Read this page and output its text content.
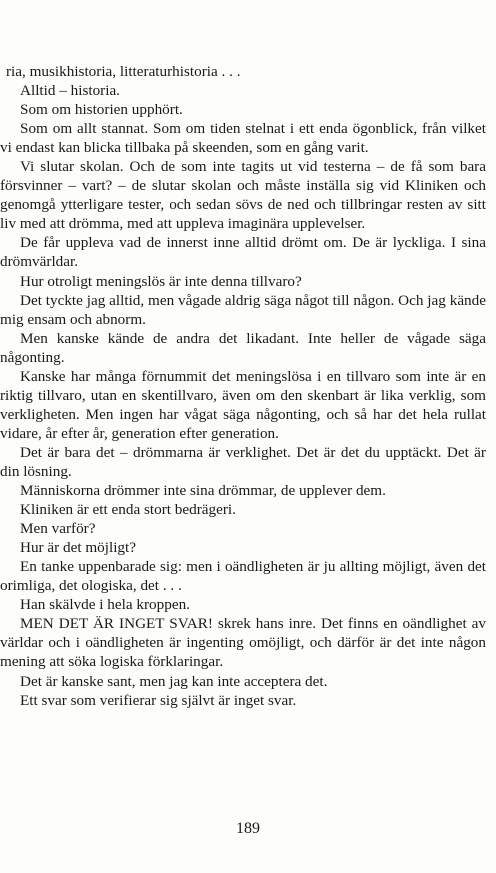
ria, musikhistoria, litteraturhistoria . . .

Alltid – historia.

Som om historien upphört.

Som om allt stannat. Som om tiden stelnat i ett enda ögonblick, från vilket vi endast kan blicka tillbaka på skeenden, som en gång varit.

Vi slutar skolan. Och de som inte tagits ut vid testerna – de få som bara försvinner – vart? – de slutar skolan och måste inställa sig vid Kliniken och genomgå ytterligare tester, och sedan sövs de ned och tillbringar resten av sitt liv med att drömma, med att uppleva imaginära upplevelser.

De får uppleva vad de innerst inne alltid drömt om. De är lyckliga. I sina drömvärldar.

Hur otroligt meningslös är inte denna tillvaro?

Det tyckte jag alltid, men vågade aldrig säga något till någon. Och jag kände mig ensam och abnorm.

Men kanske kände de andra det likadant. Inte heller de vågade säga någonting.

Kanske har många förnummit det meningslösa i en tillvaro som inte är en riktig tillvaro, utan en skentillvaro, även om den skenbart är lika verklig, som verkligheten. Men ingen har vågat säga någonting, och så har det hela rullat vidare, år efter år, generation efter generation.

Det är bara det – drömmarna är verklighet. Det är det du upptäckt. Det är din lösning.

Människorna drömmer inte sina drömmar, de upplever dem.

Kliniken är ett enda stort bedrägeri.

Men varför?

Hur är det möjligt?

En tanke uppenbarade sig: men i oändligheten är ju allting möjligt, även det orimliga, det ologiska, det . . .

Han skälvde i hela kroppen.

MEN DET ÄR INGET SVAR! skrek hans inre. Det finns en oändlighet av världar och i oändligheten är ingenting omöjligt, och därför är det inte någon mening att söka logiska förklaringar.

Det är kanske sant, men jag kan inte acceptera det.

Ett svar som verifierar sig självt är inget svar.

189
